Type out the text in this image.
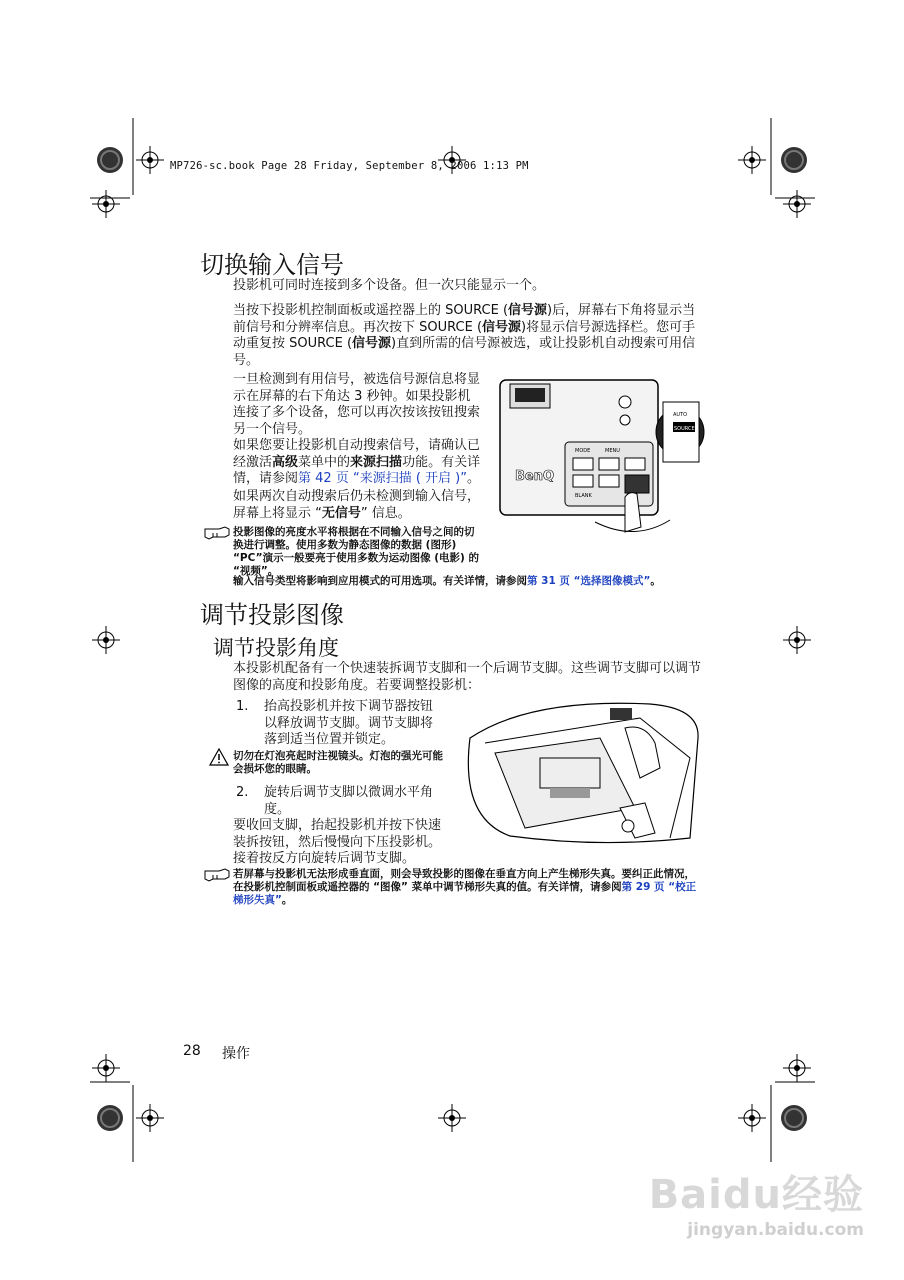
MP726-sc.book Page 28 Friday, September 8, 2006 1:13 PM
切换输入信号

投影机可同时连接到多个设备。但一次只能显示一个。

当按下投影机控制面板或遥控器上的 SOURCE (信号源)后，屏幕右下角将显示当前信号和分辨率信息。再次按下 SOURCE (信号源)将显示信号源选择栏。您可手动重复按 SOURCE (信号源)直到所需的信号源被选，或让投影机自动搜索可用信号。

一旦检测到有用信号，被选信号源信息将显示在屏幕的右下角达 3 秒钟。如果投影机连接了多个设备，您可以再次按该按钮搜索另一个信号。

如果您要让投影机自动搜索信号，请确认已经激活高级菜单中的来源扫描功能。有关详情，请参阅第 42 页 “来源扫描 ( 开启 )”。

如果两次自动搜索后仍未检测到输入信号，屏幕上将显示 “无信号” 信息。

投影图像的亮度水平将根据在不同输入信号之间的切换进行调整。使用多数为静态图像的数据 (图形) “PC”演示一般要亮于使用多数为运动图像 (电影) 的 “视频”。

输入信号类型将影响到应用模式的可用选项。有关详情，请参阅第 31 页 “选择图像模式”。

AUTO
SOURCE
MODE
BLANK
MENU
BenQ
调节投影图像
调节投影角度

本投影机配备有一个快速装拆调节支脚和一个后调节支脚。这些调节支脚可以调节图像的高度和投影角度。若要调整投影机：

1. 抬高投影机并按下调节器按钮以释放调节支脚。调节支脚将落到适当位置并锁定。

切勿在灯泡亮起时注视镜头。灯泡的强光可能会损坏您的眼睛。

2. 旋转后调节支脚以微调水平角度。

要收回支脚，抬起投影机并按下快速装拆按钮，然后慢慢向下压投影机。接着按反方向旋转后调节支脚。

若屏幕与投影机无法形成垂直面，则会导致投影的图像在垂直方向上产生梯形失真。要纠正此情况，在投影机控制面板或遥控器的 “图像” 菜单中调节梯形失真的值。有关详情，请参阅第 29 页 “校正梯形失真”。

28 操作
Baidu经验
jingyan.baidu.com
